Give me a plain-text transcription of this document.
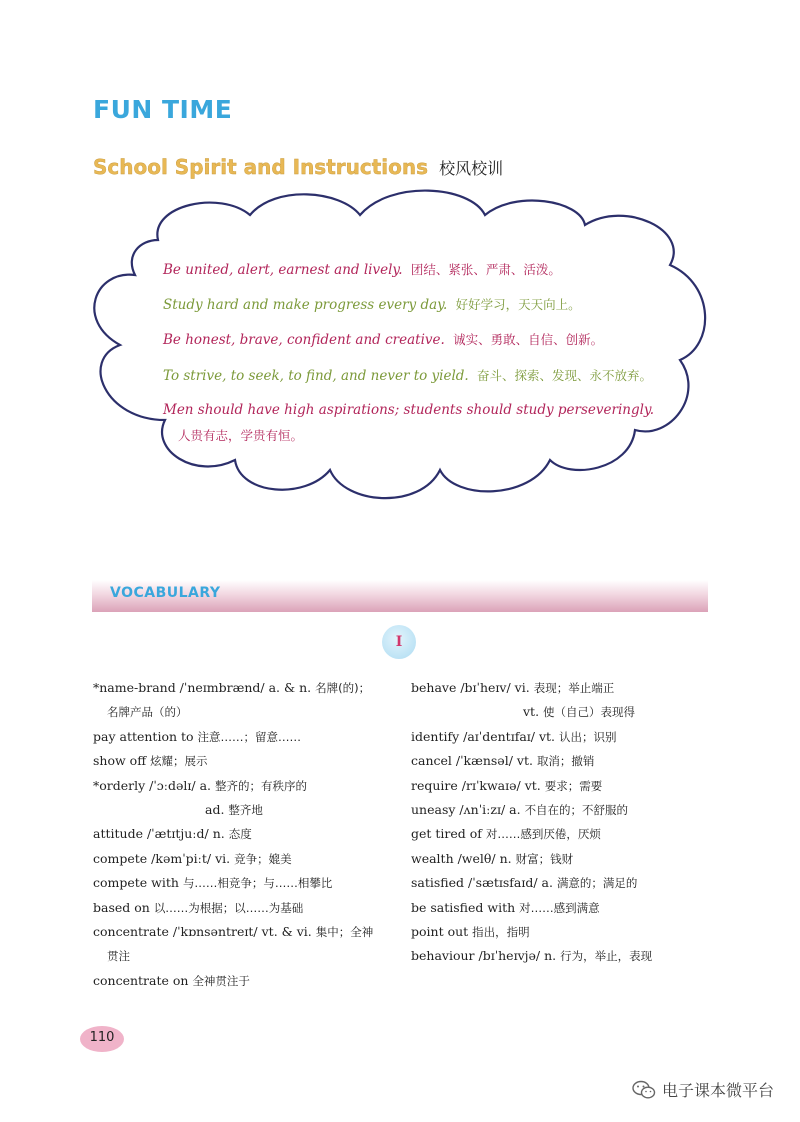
FUN TIME
School Spirit and Instructions 校风校训
Be united, alert, earnest and lively. 团结、紧张、严肃、活泼。
Study hard and make progress every day. 好好学习，天天向上。
Be honest, brave, confident and creative. 诚实、勇敢、自信、创新。
To strive, to seek, to find, and never to yield. 奋斗、探索、发现、永不放弃。
Men should have high aspirations; students should study perseveringly.
人贵有志，学贵有恒。
VOCABULARY
I
*name-brand /ˈneɪmbrænd/ a. & n. 名牌(的)；
名牌产品（的）
pay attention to 注意……；留意……
show off 炫耀；展示
*orderly /ˈɔːdəlɪ/ a. 整齐的；有秩序的
ad. 整齐地
attitude /ˈætɪtjuːd/ n. 态度
compete /kəmˈpiːt/ vi. 竞争；媲美
compete with 与……相竞争；与……相攀比
based on 以……为根据；以……为基础
concentrate /ˈkɒnsəntreɪt/ vt. & vi. 集中；全神
贯注
concentrate on 全神贯注于
behave /bɪˈheɪv/ vi. 表现；举止端正
vt. 使（自己）表现得
identify /aɪˈdentɪfaɪ/ vt. 认出；识别
cancel /ˈkænsəl/ vt. 取消；撤销
require /rɪˈkwaɪə/ vt. 要求；需要
uneasy /ʌnˈiːzɪ/ a. 不自在的；不舒服的
get tired of 对……感到厌倦，厌烦
wealth /welθ/ n. 财富；钱财
satisfied /ˈsætɪsfaɪd/ a. 满意的；满足的
be satisfied with 对……感到满意
point out 指出，指明
behaviour /bɪˈheɪvjə/ n. 行为，举止，表现
110
电子课本微平台
